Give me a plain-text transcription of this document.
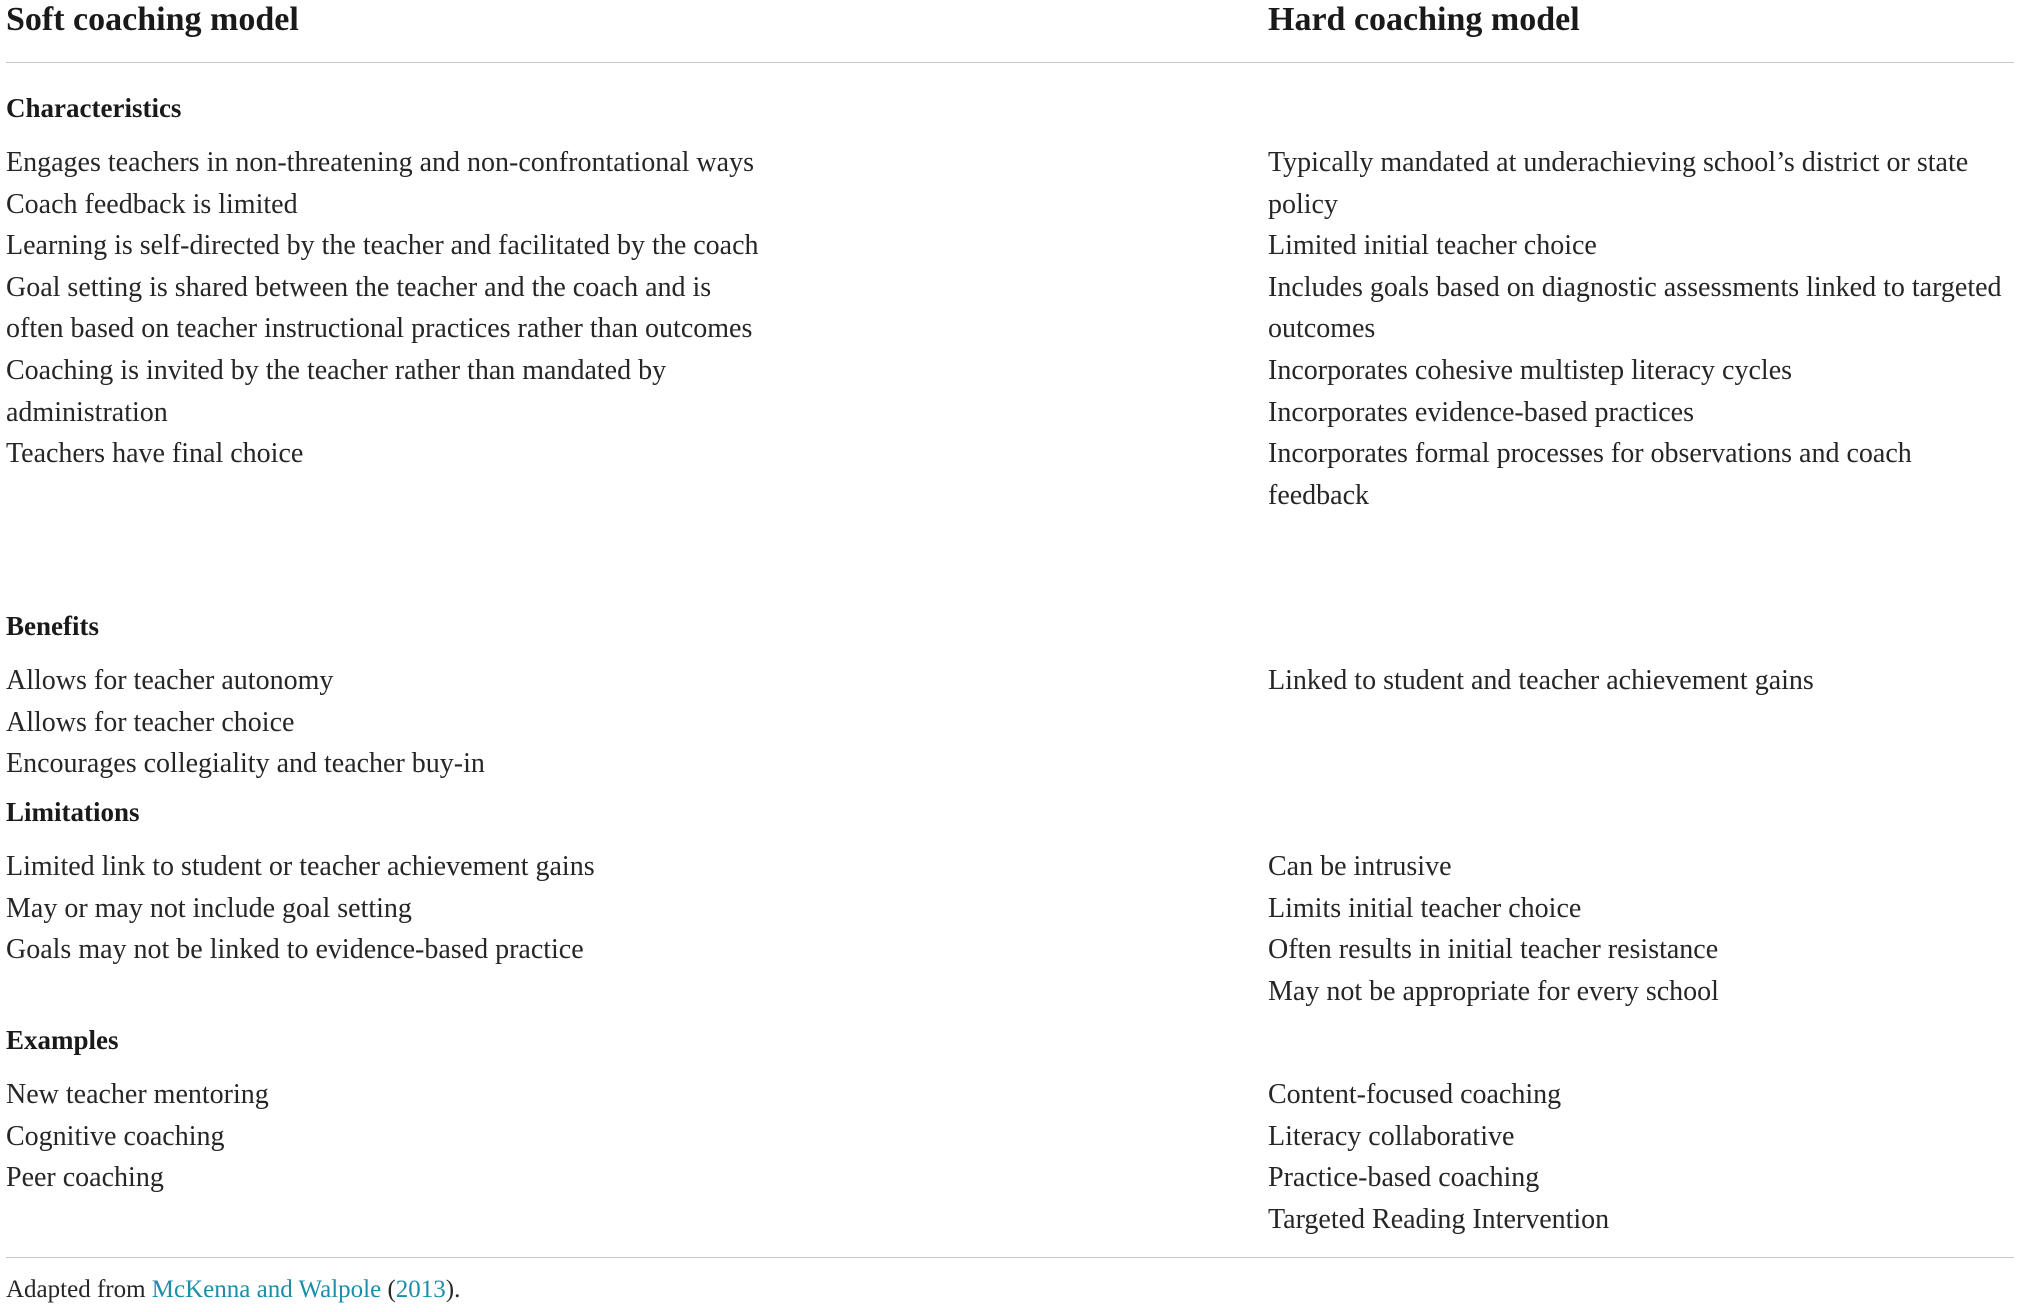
Soft coaching model	Hard coaching model
Characteristics
Engages teachers in non-threatening and non-confrontational ways
Coach feedback is limited
Learning is self-directed by the teacher and facilitated by the coach
Goal setting is shared between the teacher and the coach and is often based on teacher instructional practices rather than outcomes
Coaching is invited by the teacher rather than mandated by administration
Teachers have final choice
Typically mandated at underachieving school’s district or state policy
Limited initial teacher choice
Includes goals based on diagnostic assessments linked to targeted outcomes
Incorporates cohesive multistep literacy cycles
Incorporates evidence-based practices
Incorporates formal processes for observations and coach feedback
Benefits
Allows for teacher autonomy
Allows for teacher choice
Encourages collegiality and teacher buy-in
Linked to student and teacher achievement gains
Limitations
Limited link to student or teacher achievement gains
May or may not include goal setting
Goals may not be linked to evidence-based practice
Can be intrusive
Limits initial teacher choice
Often results in initial teacher resistance
May not be appropriate for every school
Examples
New teacher mentoring
Cognitive coaching
Peer coaching
Content-focused coaching
Literacy collaborative
Practice-based coaching
Targeted Reading Intervention
Adapted from McKenna and Walpole (2013).
